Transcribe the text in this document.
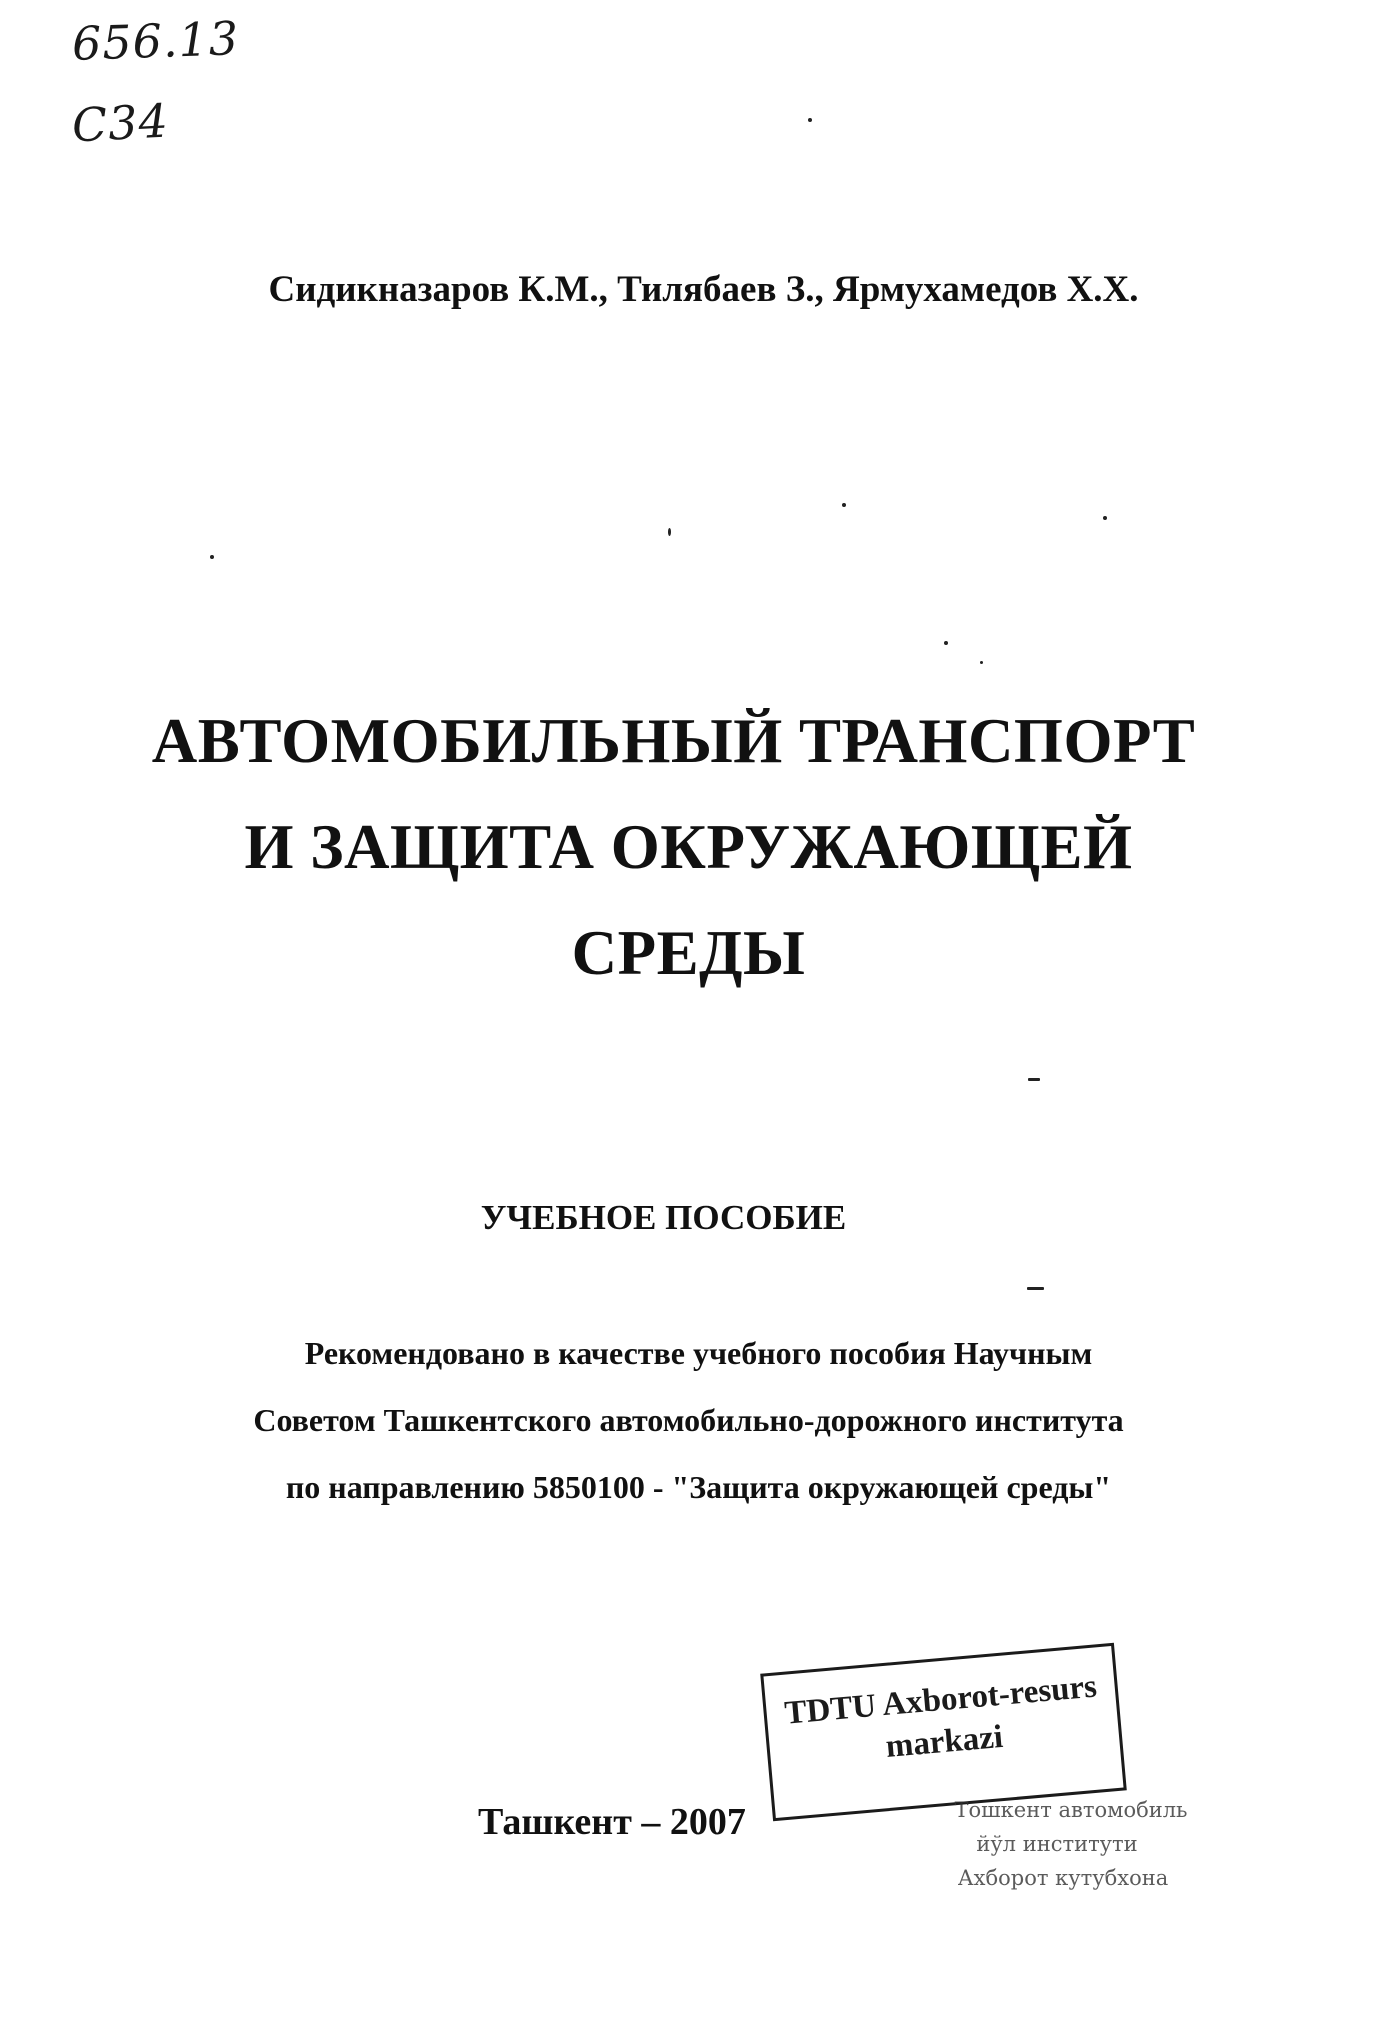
656.13
С34
Сидикназаров К.М., Тилябаев З., Ярмухамедов Х.Х.
АВТОМОБИЛЬНЫЙ ТРАНСПОРТ
И ЗАЩИТА ОКРУЖАЮЩЕЙ
СРЕДЫ
УЧЕБНОЕ ПОСОБИЕ
Рекомендовано в качестве учебного пособия Научным
Советом Ташкентского автомобильно-дорожного института
по направлению 5850100 - "Защита окружающей среды"
Ташкент – 2007
TDTU Axborot-resurs
markazi
Тошкент автомобиль
йўл институти
Ахборот кутубхона
